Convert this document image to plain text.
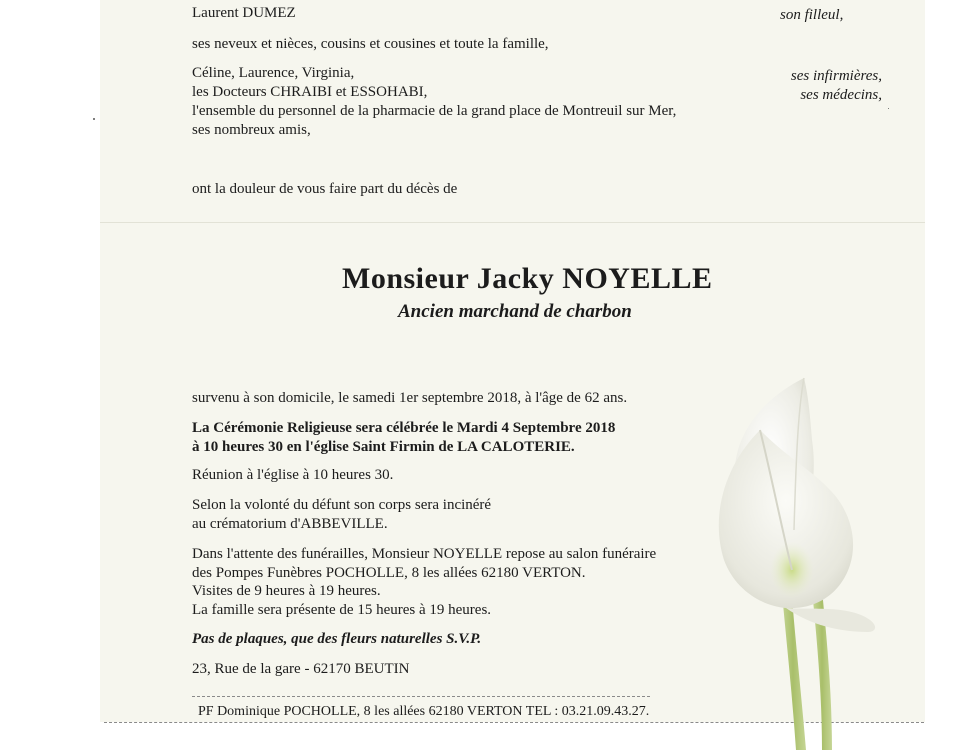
Laurent DUMEZ	son filleul,
ses neveux et nièces, cousins et cousines et toute la famille,
Céline, Laurence, Virginia,	ses infirmières,
les Docteurs CHRAIBI et ESSOHABI,	ses médecins,
l'ensemble du personnel de la pharmacie de la grand place de Montreuil sur Mer,
ses nombreux amis,
ont la douleur de vous faire part du décès de
Monsieur Jacky NOYELLE
Ancien marchand de charbon
survenu à son domicile, le samedi 1er septembre 2018, à l'âge de 62 ans.
La Cérémonie Religieuse sera célébrée le Mardi 4 Septembre 2018
à 10 heures 30 en l'église Saint Firmin de LA CALOTERIE.
Réunion à l'église à 10 heures 30.
Selon la volonté du défunt son corps sera incinéré
au crématorium d'ABBEVILLE.
Dans l'attente des funérailles, Monsieur NOYELLE repose au salon funéraire
des Pompes Funèbres POCHOLLE, 8 les allées 62180 VERTON.
Visites de 9 heures à 19 heures.
La famille sera présente de 15 heures à 19 heures.
Pas de plaques, que des fleurs naturelles S.V.P.
23, Rue de la gare - 62170 BEUTIN
PF Dominique POCHOLLE, 8 les allées 62180 VERTON TEL : 03.21.09.43.27.
